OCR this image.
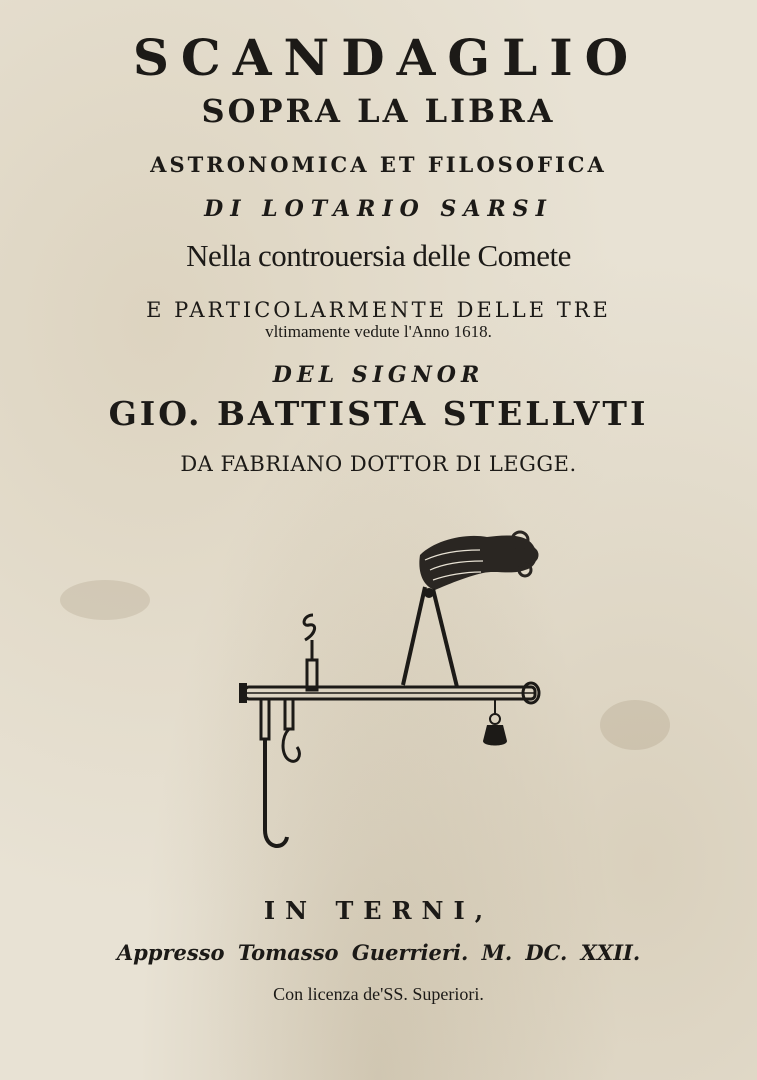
SCANDAGLIO
SOPRA LA LIBRA
ASTRONOMICA ET FILOSOFICA
DI LOTARIO SARSI
Nella controuersia delle Comete
E PARTICOLARMENTE DELLE TRE
vltimamente vedute l'Anno 1618.
DEL SIGNOR
GIO. BATTISTA STELLVTI
DA FABRIANO DOTTOR DI LEGGE.
IN TERNI,
Appresso Tomasso Guerrieri. M. DC. XXII.
Con licenza de'SS. Superiori.
